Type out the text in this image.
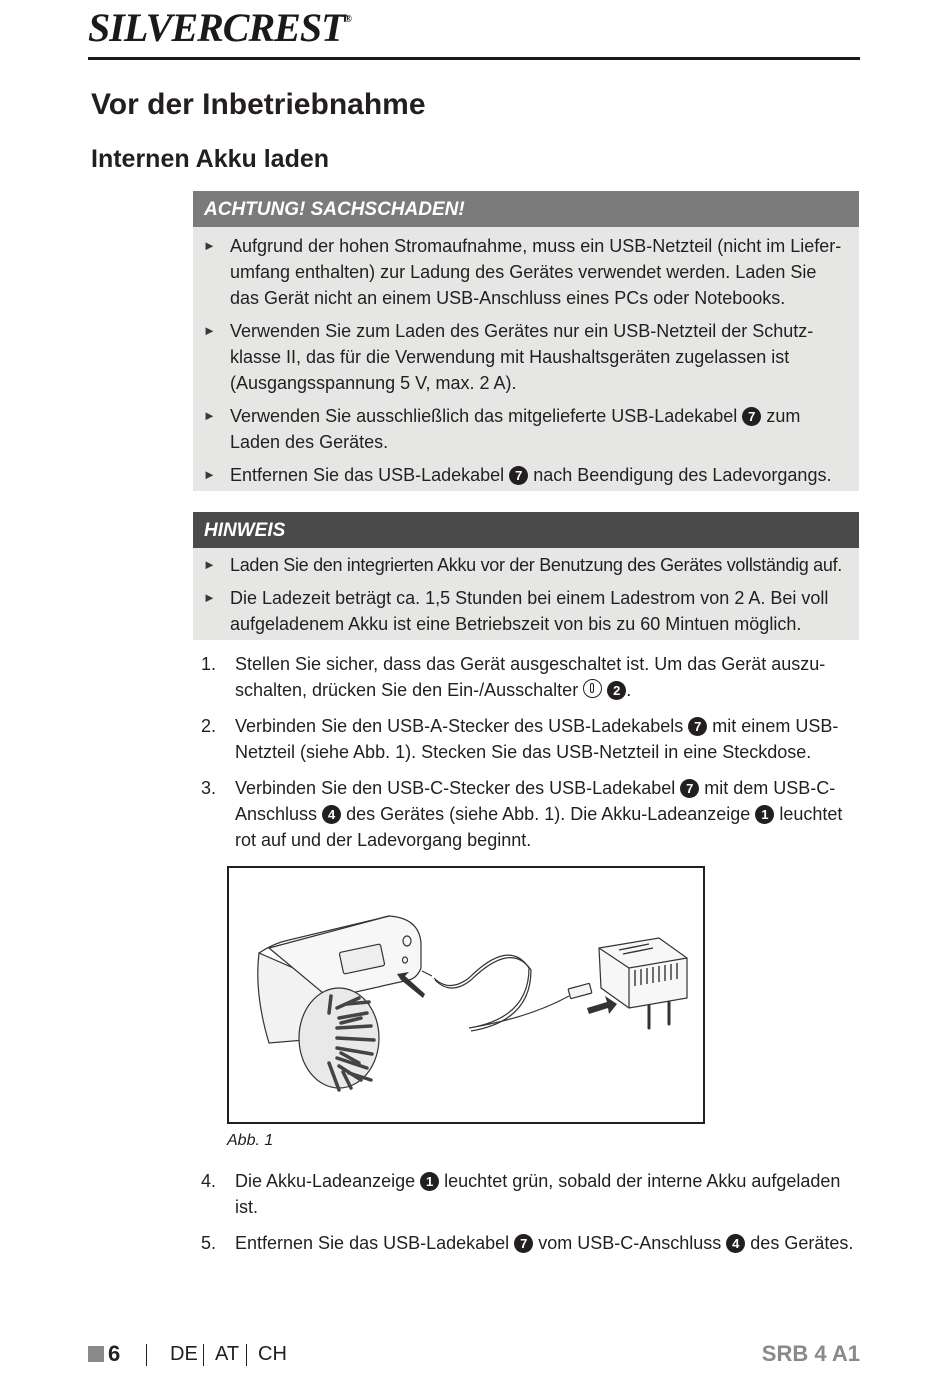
SILVERCREST®
Vor der Inbetriebnahme
Internen Akku laden
ACHTUNG! SACHSCHADEN!
► Aufgrund der hohen Stromaufnahme, muss ein USB-Netzteil (nicht im Liefer-
umfang enthalten) zur Ladung des Gerätes verwendet werden. Laden Sie
das Gerät nicht an einem USB-Anschluss eines PCs oder Notebooks.
► Verwenden Sie zum Laden des Gerätes nur ein USB-Netzteil der Schutz-
klasse II, das für die Verwendung mit Haushaltsgeräten zugelassen ist
(Ausgangsspannung 5 V, max. 2 A).
► Verwenden Sie ausschließlich das mitgelieferte USB-Ladekabel 7 zum
Laden des Gerätes.
► Entfernen Sie das USB-Ladekabel 7 nach Beendigung des Ladevorgangs.
HINWEIS
► Laden Sie den integrierten Akku vor der Benutzung des Gerätes vollständig auf.
► Die Ladezeit beträgt ca. 1,5 Stunden bei einem Ladestrom von 2 A. Bei voll
aufgeladenem Akku ist eine Betriebszeit von bis zu 60 Mintuen möglich.
1. Stellen Sie sicher, dass das Gerät ausgeschaltet ist. Um das Gerät auszu-
schalten, drücken Sie den Ein-/Ausschalter	2 .
2. Verbinden Sie den USB-A-Stecker des USB-Ladekabels 7 mit einem USB-
Netzteil (siehe Abb. 1). Stecken Sie das USB-Netzteil in eine Steckdose.
3. Verbinden Sie den USB-C-Stecker des USB-Ladekabel 7 mit dem USB-C-
Anschluss 4 des Gerätes (siehe Abb. 1). Die Akku-Ladeanzeige 1 leuchtet
rot auf und der Ladevorgang beginnt.
Abb. 1
4. Die Akku-Ladeanzeige 1 leuchtet grün, sobald der interne Akku aufgeladen
ist.
5. Entfernen Sie das USB-Ladekabel 7 vom USB-C-Anschluss 4 des Gerätes.
6 DE AT CH	SRB 4 A1
